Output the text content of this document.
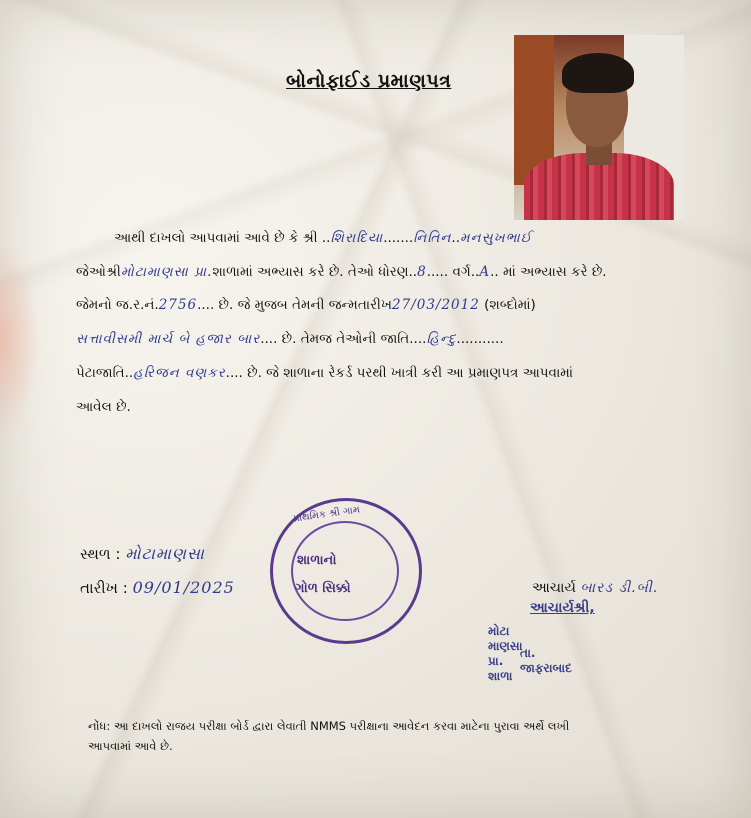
બોનોફાઈડ પ્રમાણપત્ર
આથી દાખલો આપવામાં આવે છે કે શ્રી ..શિરાદિયા.......નિતિન..મનસુખભાઈ
જેઓશ્રીમોટામાણસા પ્રા.શાળામાં અભ્યાસ કરે છે. તેઓ ધોરણ..8..... વર્ગ..A.. માં અભ્યાસ કરે છે.
જેમનો જ.ર.નં.2756.... છે. જે મુજબ તેમની જન્મતારીખ27/03/2012 (શબ્દોમાં)
સત્તાવીસમી માર્ચ બે હજાર બાર.... છે. તેમજ તેઓની જાતિ....હિન્દુ...........
પેટાજાતિ..હરિજન વણકર.... છે. જે શાળાના રેકર્ડ પરથી ખાત્રી કરી આ પ્રમાણપત્ર આપવામાં
આવેલ છે.
સ્થળ : મોટામાણસા
તારીખ : 09/01/2025
પ્રાથમિક શ્રી ગામ
શાળાનો
ગોળ સિક્કો	આચાર્ય બારડ ડી.બી.
આચાર્યશ્રી,
મોટા માણસા પ્રા. શાળા
તા. જાફરાબાદ
નોંધ: આ દાખલો રાજય પરીક્ષા બોર્ડ દ્વારા લેવાતી NMMS પરીક્ષાના આવેદન કરવા માટેના પુરાવા અર્થે લખી
આપવામાં આવે છે.
